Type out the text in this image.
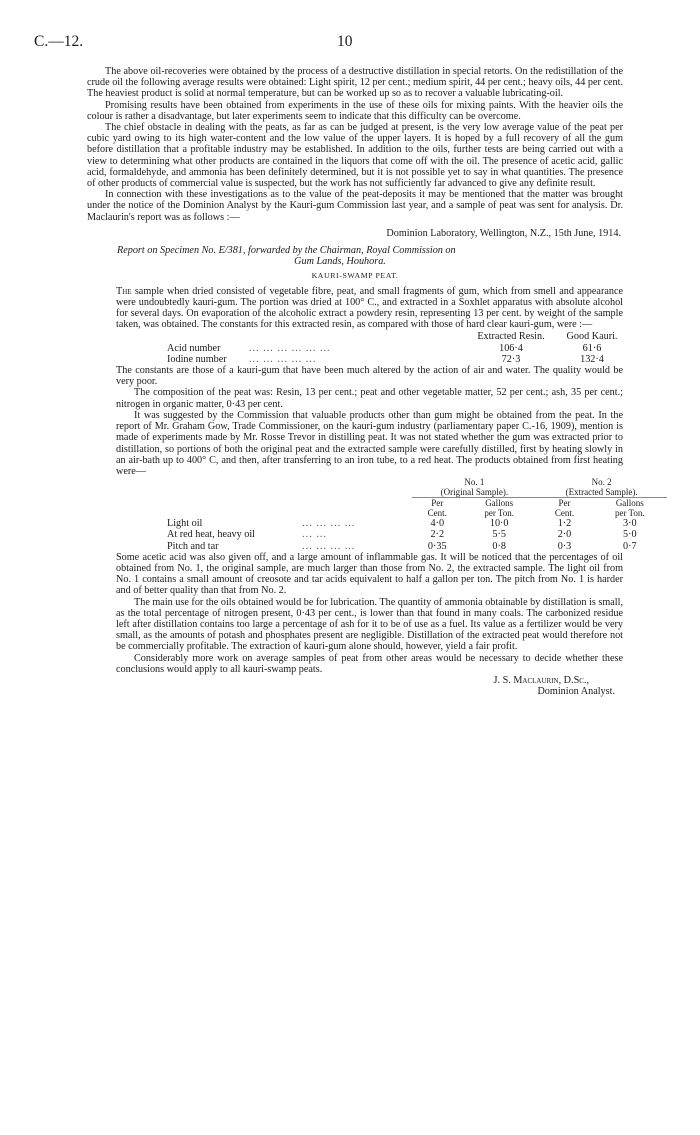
C.—12.	10

The above oil-recoveries were obtained by the process of a destructive distillation in special retorts. On the redistillation of the crude oil the following average results were obtained: Light spirit, 12 per cent.; medium spirit, 44 per cent.; heavy oils, 44 per cent. The heaviest product is solid at normal temperature, but can be worked up so as to recover a valuable lubricating-oil.

Promising results have been obtained from experiments in the use of these oils for mixing paints. With the heavier oils the colour is rather a disadvantage, but later experiments seem to indicate that this difficulty can be overcome.

The chief obstacle in dealing with the peats, as far as can be judged at present, is the very low average value of the peat per cubic yard owing to its high water-content and the low value of the upper layers. It is hoped by a full recovery of all the gum before distillation that a profitable industry may be established. In addition to the oils, further tests are being carried out with a view to determining what other products are contained in the liquors that come off with the oil. The presence of acetic acid, gallic acid, formaldehyde, and ammonia has been definitely determined, but it is not possible yet to say in what quantities. The presence of other products of commercial value is suspected, but the work has not sufficiently far advanced to give any definite result.

In connection with these investigations as to the value of the peat-deposits it may be mentioned that the matter was brought under the notice of the Dominion Analyst by the Kauri-gum Commission last year, and a sample of peat was sent for analysis. Dr. Maclaurin's report was as follows :—

Dominion Laboratory, Wellington, N.Z., 15th June, 1914.

Report on Specimen No. E/381, forwarded by the Chairman, Royal Commission on

Gum Lands, Houhora.

KAURI-SWAMP PEAT.

The sample when dried consisted of vegetable fibre, peat, and small fragments of gum, which from smell and appearance were undoubtedly kauri-gum. The portion was dried at 100° C., and extracted in a Soxhlet apparatus with absolute alcohol for several days. On evaporation of the alcoholic extract a powdery resin, representing 13 per cent. by weight of the sample taken, was obtained. The constants for this extracted resin, as compared with those of hard clear kauri-gum, were :—

		Extracted Resin.	Good Kauri.
Acid number	... ... ... ... ... ...	106·4	61·6
Iodine number	... ... ... ... ...	72·3	132·4

The constants are those of a kauri-gum that have been much altered by the action of air and water. The quality would be very poor.

The composition of the peat was: Resin, 13 per cent.; peat and other vegetable matter, 52 per cent.; ash, 35 per cent.; nitrogen in organic matter, 0·43 per cent.

It was suggested by the Commission that valuable products other than gum might be obtained from the peat. In the report of Mr. Graham Gow, Trade Commissioner, on the kauri-gum industry (parliamentary paper C.-16, 1909), mention is made of experiments made by Mr. Rosse Trevor in distilling peat. It was not stated whether the gum was extracted prior to distillation, so portions of both the original peat and the extracted sample were carefully distilled, first by heating slowly in an air-bath up to 400° C, and then, after transferring to an iron tube, to a red heat. The products obtained from first heating were—

		No. 1		No. 2	
		(Original Sample).		(Extracted Sample).	
		Per	Gallons	Per	Gallons
		Cent.	per Ton.	Cent.	per Ton.
Light oil	... ... ... ...	4·0	10·0	1·2	3·0
At red heat, heavy oil	... ...	2·2	5·5	2·0	5·0
Pitch and tar	... ... ... ...	0·35	0·8	0·3	0·7

Some acetic acid was also given off, and a large amount of inflammable gas. It will be noticed that the percentages of oil obtained from No. 1, the original sample, are much larger than those from No. 2, the extracted sample. The light oil from No. 1 contains a small amount of creosote and tar acids equivalent to half a gallon per ton. The pitch from No. 1 is harder and of better quality than that from No. 2.

The main use for the oils obtained would be for lubrication. The quantity of ammonia obtainable by distillation is small, as the total percentage of nitrogen present, 0·43 per cent., is lower than that found in many coals. The carbonized residue left after distillation contains too large a percentage of ash for it to be of use as a fuel. Its value as a fertilizer would be very small, as the amounts of potash and phosphates present are negligible. Distillation of the extracted peat would therefore not be commercially profitable. The extraction of kauri-gum alone should, however, yield a fair profit.

Considerably more work on average samples of peat from other areas would be necessary to decide whether these conclusions would apply to all kauri-swamp peats.

J. S. Maclaurin, D.Sc.,

Dominion Analyst.
